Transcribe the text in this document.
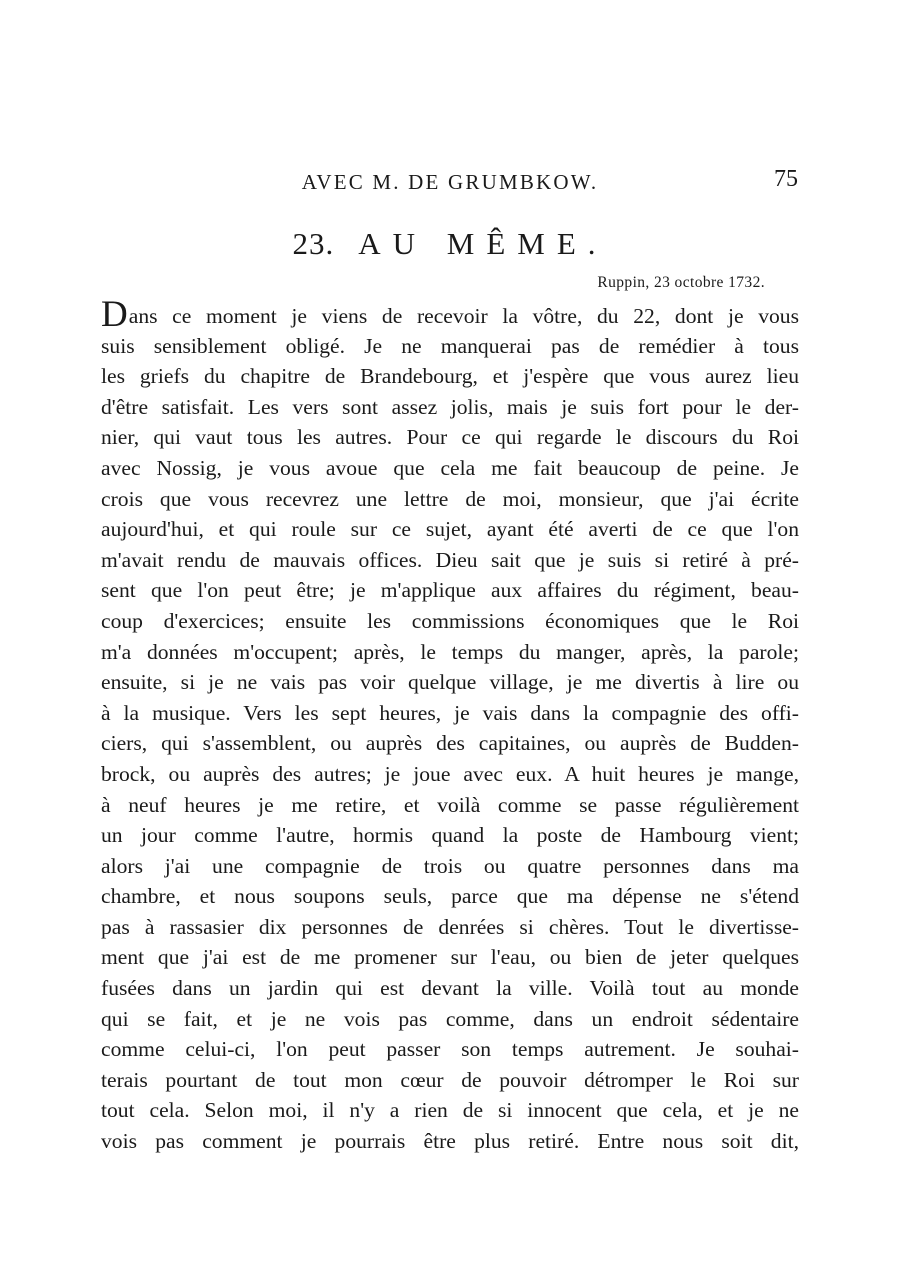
AVEC M. DE GRUMBKOW.	75
23. AU MÊME.
Ruppin, 23 octobre 1732.
Dans ce moment je viens de recevoir la vôtre, du 22, dont je vous
suis sensiblement obligé. Je ne manquerai pas de remédier à tous
les griefs du chapitre de Brandebourg, et j'espère que vous aurez lieu
d'être satisfait. Les vers sont assez jolis, mais je suis fort pour le der-
nier, qui vaut tous les autres. Pour ce qui regarde le discours du Roi
avec Nossig, je vous avoue que cela me fait beaucoup de peine. Je
crois que vous recevrez une lettre de moi, monsieur, que j'ai écrite
aujourd'hui, et qui roule sur ce sujet, ayant été averti de ce que l'on
m'avait rendu de mauvais offices. Dieu sait que je suis si retiré à pré-
sent que l'on peut être; je m'applique aux affaires du régiment, beau-
coup d'exercices; ensuite les commissions économiques que le Roi
m'a données m'occupent; après, le temps du manger, après, la parole;
ensuite, si je ne vais pas voir quelque village, je me divertis à lire ou
à la musique. Vers les sept heures, je vais dans la compagnie des offi-
ciers, qui s'assemblent, ou auprès des capitaines, ou auprès de Budden-
brock, ou auprès des autres; je joue avec eux. A huit heures je mange,
à neuf heures je me retire, et voilà comme se passe régulièrement
un jour comme l'autre, hormis quand la poste de Hambourg vient;
alors j'ai une compagnie de trois ou quatre personnes dans ma
chambre, et nous soupons seuls, parce que ma dépense ne s'étend
pas à rassasier dix personnes de denrées si chères. Tout le divertisse-
ment que j'ai est de me promener sur l'eau, ou bien de jeter quelques
fusées dans un jardin qui est devant la ville. Voilà tout au monde
qui se fait, et je ne vois pas comme, dans un endroit sédentaire
comme celui-ci, l'on peut passer son temps autrement. Je souhai-
terais pourtant de tout mon cœur de pouvoir détromper le Roi sur
tout cela. Selon moi, il n'y a rien de si innocent que cela, et je ne
vois pas comment je pourrais être plus retiré. Entre nous soit dit,
